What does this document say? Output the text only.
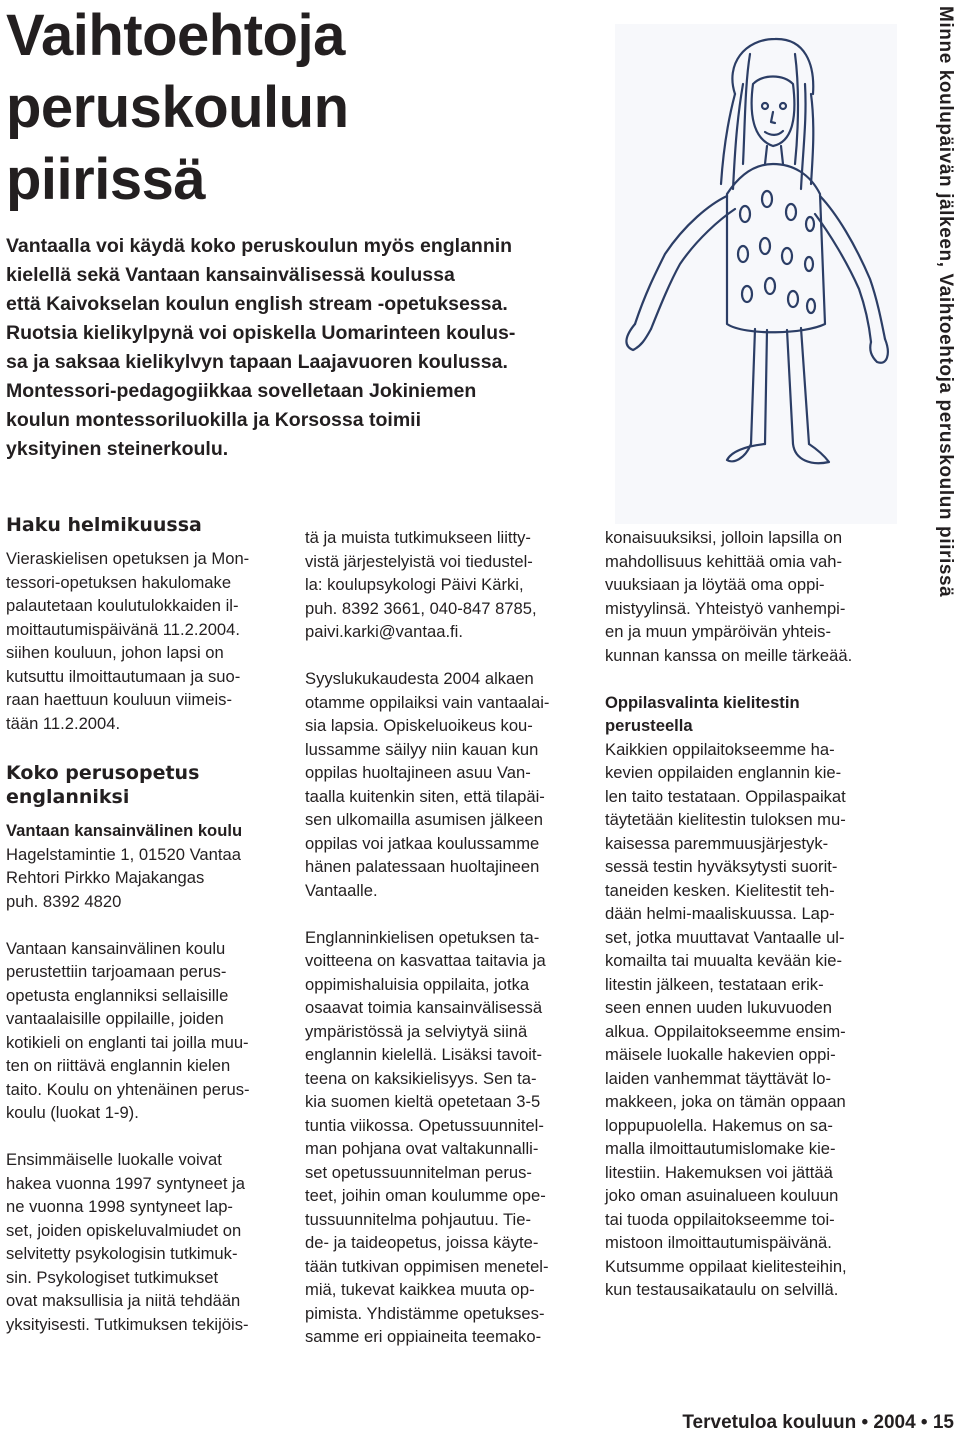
Vaihtoehtoja
peruskoulun
piirissä

Vantaalla voi käydä koko peruskoulun myös englannin
kielellä sekä Vantaan kansainvälisessä koulussa
että Kaivokselan koulun english stream -opetuksessa.
Ruotsia kielikylpynä voi opiskella Uomarinteen koulus-
sa ja saksaa kielikylvyn tapaan Laajavuoren koulussa.
Montessori-pedagogiikkaa sovelletaan Jokiniemen
koulun montessoriluokilla ja Korsossa toimii
yksityinen steinerkoulu.	Minne koulupäivän jälkeen, Vaihtoehtoja peruskoulun piirissä
Haku helmikuussa

Vieraskielisen opetuksen ja Mon-
tessori-opetuksen hakulomake
palautetaan koulutulokkaiden il-
moittautumispäivänä 11.2.2004.
siihen kouluun, johon lapsi on
kutsuttu ilmoittautumaan ja suo-
raan haettuun kouluun viimeis-
tään 11.2.2004.

Koko perusopetus
englanniksi

Vantaan kansainvälinen koulu
Hagelstamintie 1, 01520 Vantaa
Rehtori Pirkko Majakangas
puh. 8392 4820

Vantaan kansainvälinen koulu
perustettiin tarjoamaan perus-
opetusta englanniksi sellaisille
vantaalaisille oppilaille, joiden
kotikieli on englanti tai joilla muu-
ten on riittävä englannin kielen
taito. Koulu on yhtenäinen perus-
koulu (luokat 1-9).

Ensimmäiselle luokalle voivat
hakea vuonna 1997 syntyneet ja
ne vuonna 1998 syntyneet lap-
set, joiden opiskeluvalmiudet on
selvitetty psykologisin tutkimuk-
sin. Psykologiset tutkimukset
ovat maksullisia ja niitä tehdään
yksityisesti. Tutkimuksen tekijöis-

tä ja muista tutkimukseen liitty-
vistä järjestelyistä voi tiedustel-
la: koulupsykologi Päivi Kärki,
puh. 8392 3661, 040-847 8785,
paivi.karki@vantaa.fi.

Syyslukukaudesta 2004 alkaen
otamme oppilaiksi vain vantaalai-
sia lapsia. Opiskeluoikeus kou-
lussamme säilyy niin kauan kun
oppilas huoltajineen asuu Van-
taalla kuitenkin siten, että tilapäi-
sen ulkomailla asumisen jälkeen
oppilas voi jatkaa koulussamme
hänen palatessaan huoltajineen
Vantaalle.

Englanninkielisen opetuksen ta-
voitteena on kasvattaa taitavia ja
oppimishaluisia oppilaita, jotka
osaavat toimia kansainvälisessä
ympäristössä ja selviytyä siinä
englannin kielellä. Lisäksi tavoit-
teena on kaksikielisyys. Sen ta-
kia suomen kieltä opetetaan 3-5
tuntia viikossa. Opetussuunnitel-
man pohjana ovat valtakunnalli-
set opetussuunnitelman perus-
teet, joihin oman koulumme ope-
tussuunnitelma pohjautuu. Tie-
de- ja taideopetus, joissa käyte-
tään tutkivan oppimisen menetel-
miä, tukevat kaikkea muuta op-
pimista. Yhdistämme opetukses-
samme eri oppiaineita teemako-

konaisuuksiksi, jolloin lapsilla on
mahdollisuus kehittää omia vah-
vuuksiaan ja löytää oma oppi-
mistyylinsä. Yhteistyö vanhempi-
en ja muun ympäröivän yhteis-
kunnan kanssa on meille tärkeää.

Oppilasvalinta kielitestin
perusteella

Kaikkien oppilaitokseemme ha-
kevien oppilaiden englannin kie-
len taito testataan. Oppilaspaikat
täytetään kielitestin tuloksen mu-
kaisessa paremmuusjärjestyk-
sessä testin hyväksytysti suorit-
taneiden kesken. Kielitestit teh-
dään helmi-maaliskuussa. Lap-
set, jotka muuttavat Vantaalle ul-
komailta tai muualta kevään kie-
litestin jälkeen, testataan erik-
seen ennen uuden lukuvuoden
alkua. Oppilaitokseemme ensim-
mäisele luokalle hakevien oppi-
laiden vanhemmat täyttävät lo-
makkeen, joka on tämän oppaan
loppupuolella. Hakemus on sa-
malla ilmoittautumislomake kie-
litestiin. Hakemuksen voi jättää
joko oman asuinalueen kouluun
tai tuoda oppilaitokseemme toi-
mistoon ilmoittautumispäivänä.
Kutsumme oppilaat kielitesteihin,
kun testausaikataulu on selvillä.

Tervetuloa kouluun • 2004 • 15
